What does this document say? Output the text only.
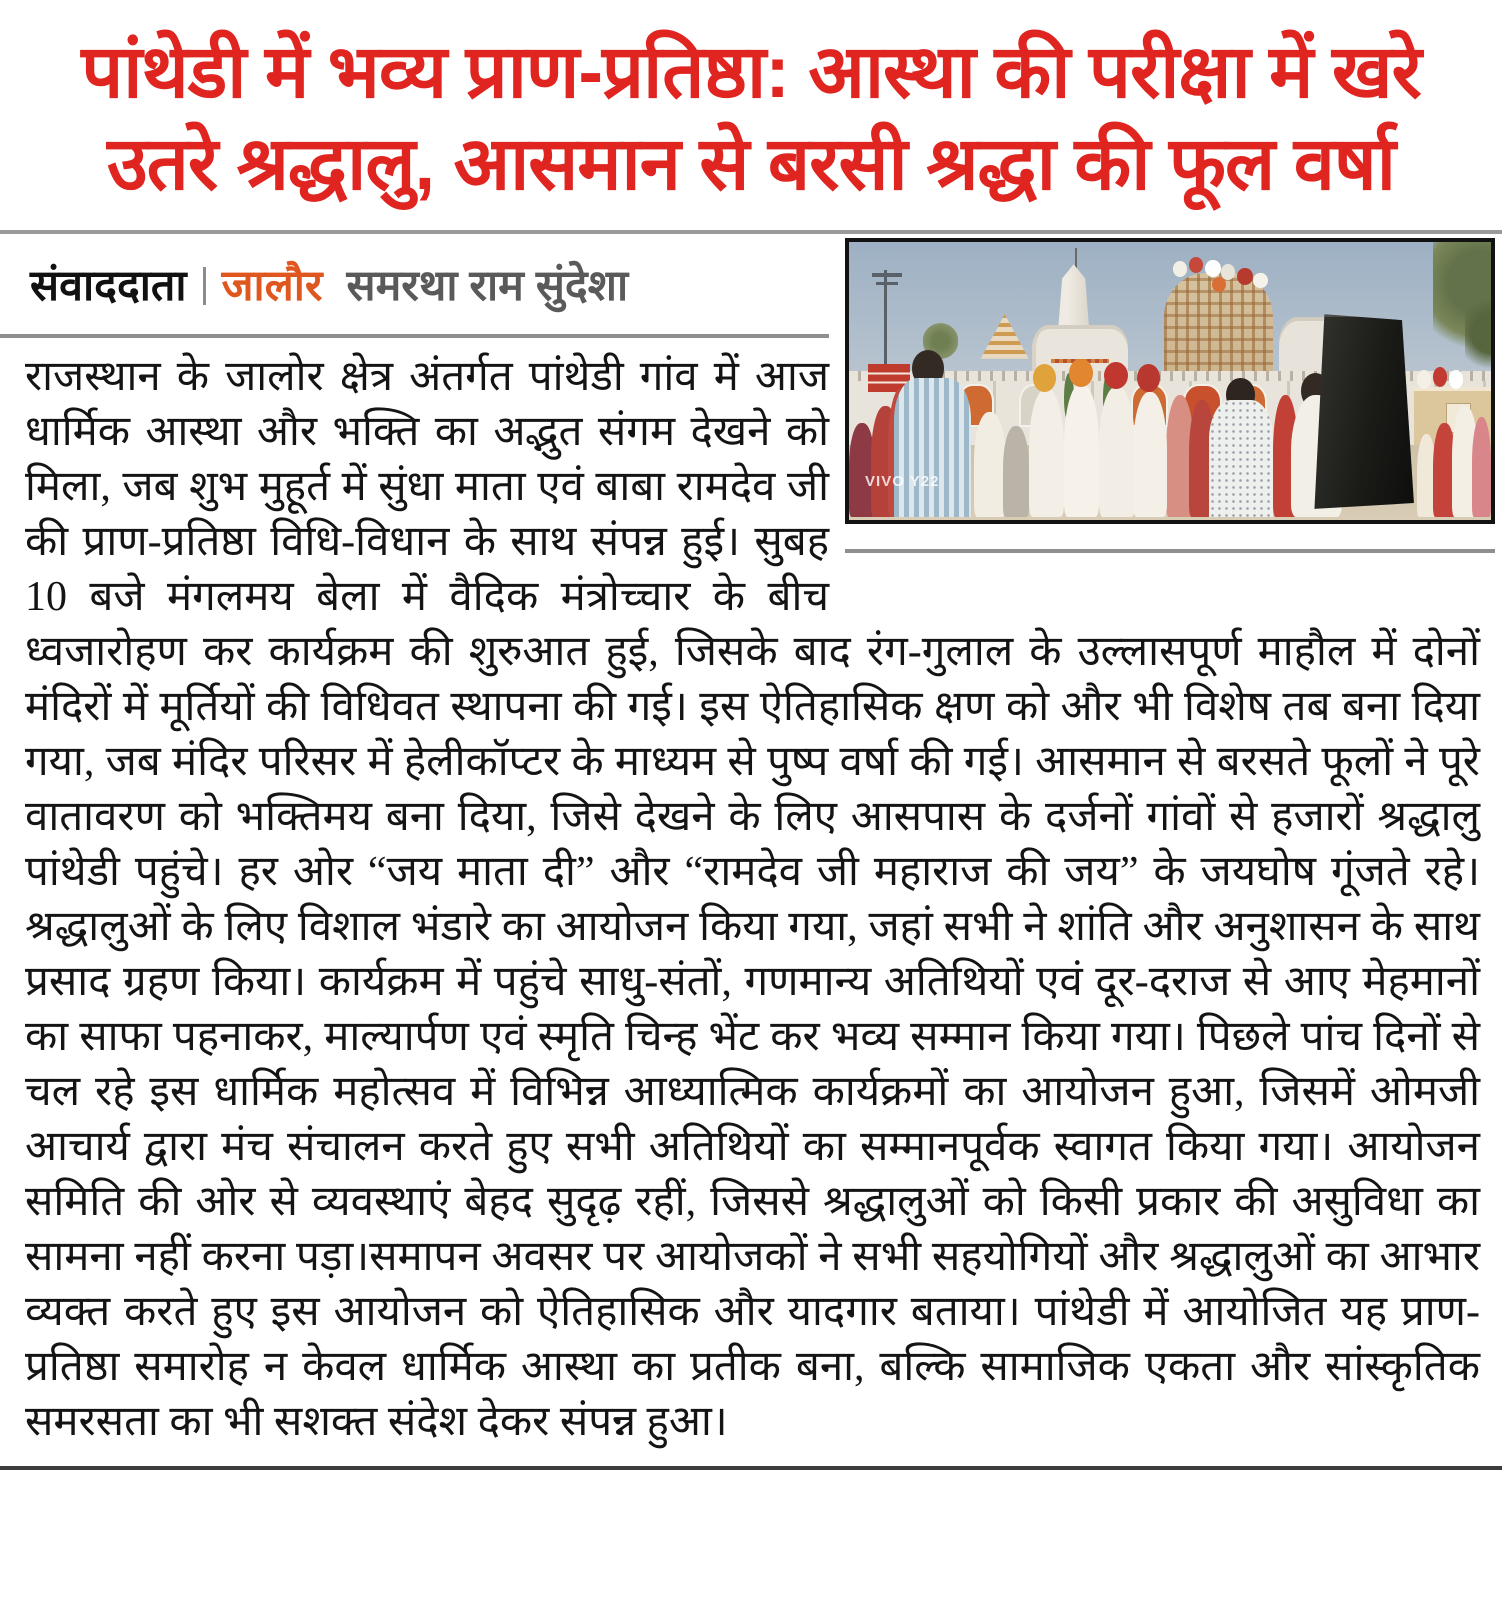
पांथेडी में भव्य प्राण-प्रतिष्ठा: आस्था की परीक्षा में खरे
उतरे श्रद्धालु, आसमान से बरसी श्रद्धा की फूल वर्षा
VIVO Y22
संवाददाता जालौर समरथा राम सुंदेशा

राजस्थान के जालोर क्षेत्र अंतर्गत पांथेडी गांव में आज धार्मिक आस्था और भक्ति का अद्भुत संगम देखने को मिला, जब शुभ मुहूर्त में सुंधा माता एवं बाबा रामदेव जी की प्राण-प्रतिष्ठा विधि-विधान के साथ संपन्न हुई। सुबह 10 बजे मंगलमय बेला में वैदिक मंत्रोच्चार के बीच ध्वजारोहण कर कार्यक्रम की शुरुआत हुई, जिसके बाद रंग-गुलाल के उल्लासपूर्ण माहौल में दोनों मंदिरों में मूर्तियों की विधिवत स्थापना की गई। इस ऐतिहासिक क्षण को और भी विशेष तब बना दिया गया, जब मंदिर परिसर में हेलीकॉप्टर के माध्यम से पुष्प वर्षा की गई। आसमान से बरसते फूलों ने पूरे वातावरण को भक्तिमय बना दिया, जिसे देखने के लिए आसपास के दर्जनों गांवों से हजारों श्रद्धालु पांथेडी पहुंचे। हर ओर “जय माता दी” और “रामदेव जी महाराज की जय” के जयघोष गूंजते रहे। श्रद्धालुओं के लिए विशाल भंडारे का आयोजन किया गया, जहां सभी ने शांति और अनुशासन के साथ प्रसाद ग्रहण किया। कार्यक्रम में पहुंचे साधु-संतों, गणमान्य अतिथियों एवं दूर-दराज से आए मेहमानों का साफा पहनाकर, माल्यार्पण एवं स्मृति चिन्ह भेंट कर भव्य सम्मान किया गया। पिछले पांच दिनों से चल रहे इस धार्मिक महोत्सव में विभिन्न आध्यात्मिक कार्यक्रमों का आयोजन हुआ, जिसमें ओमजी आचार्य द्वारा मंच संचालन करते हुए सभी अतिथियों का सम्मानपूर्वक स्वागत किया गया। आयोजन समिति की ओर से व्यवस्थाएं बेहद सुदृढ़ रहीं, जिससे श्रद्धालुओं को किसी प्रकार की असुविधा का सामना नहीं करना पड़ा।समापन अवसर पर आयोजकों ने सभी सहयोगियों और श्रद्धालुओं का आभार व्यक्त करते हुए इस आयोजन को ऐतिहासिक और यादगार बताया। पांथेडी में आयोजित यह प्राण-प्रतिष्ठा समारोह न केवल धार्मिक आस्था का प्रतीक बना, बल्कि सामाजिक एकता और सांस्कृतिक समरसता का भी सशक्त संदेश देकर संपन्न हुआ।
